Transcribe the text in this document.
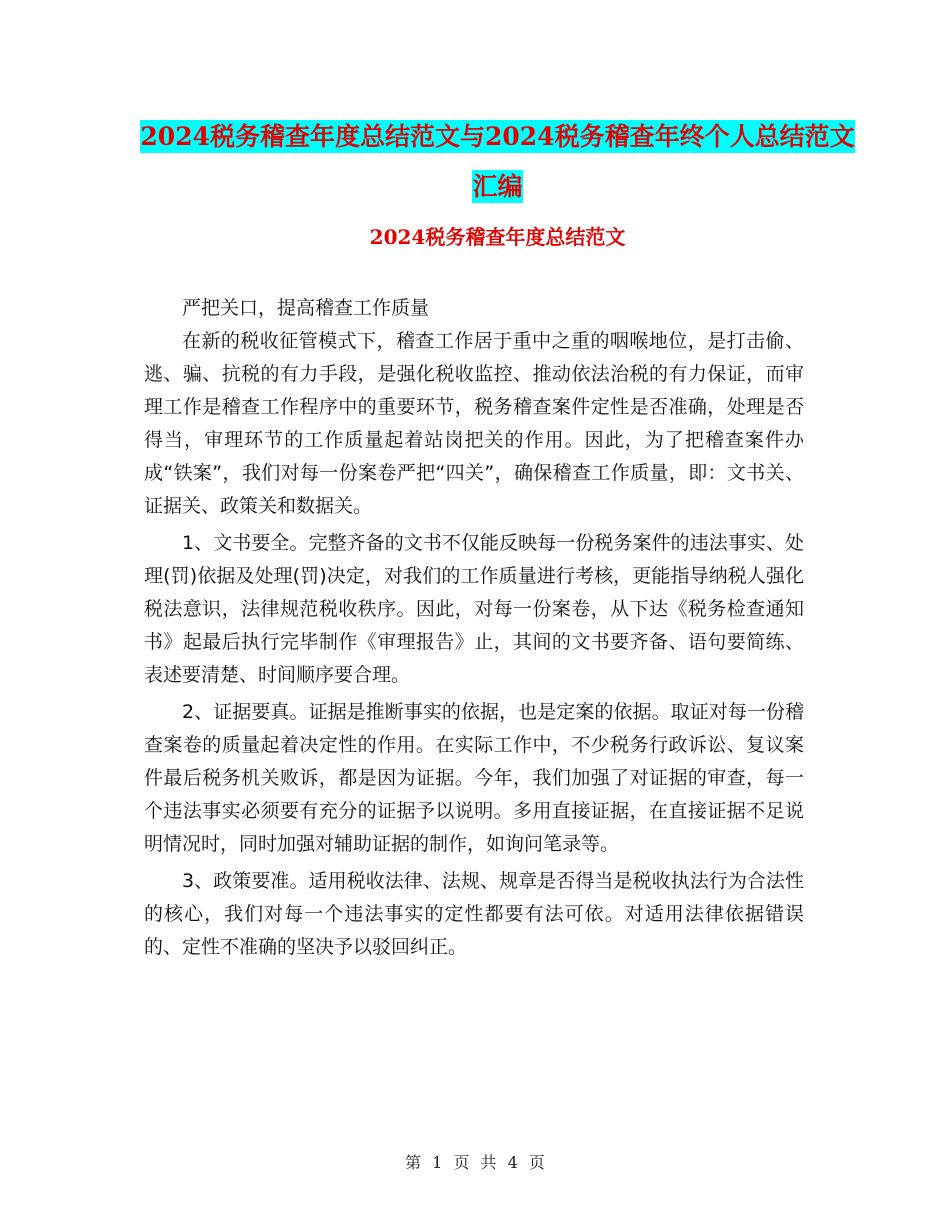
2024税务稽查年度总结范文与2024税务稽查年终个人总结范文汇编
2024税务稽查年度总结范文

严把关口，提高稽查工作质量

在新的税收征管模式下，稽查工作居于重中之重的咽喉地位，是打击偷、逃、骗、抗税的有力手段，是强化税收监控、推动依法治税的有力保证，而审理工作是稽查工作程序中的重要环节，税务稽查案件定性是否准确，处理是否得当，审理环节的工作质量起着站岗把关的作用。因此，为了把稽查案件办成“铁案”，我们对每一份案卷严把“四关”，确保稽查工作质量，即：文书关、证据关、政策关和数据关。

1、文书要全。完整齐备的文书不仅能反映每一份税务案件的违法事实、处理(罚)依据及处理(罚)决定，对我们的工作质量进行考核，更能指导纳税人强化税法意识，法律规范税收秩序。因此，对每一份案卷，从下达《税务检查通知书》起最后执行完毕制作《审理报告》止，其间的文书要齐备、语句要简练、表述要清楚、时间顺序要合理。

2、证据要真。证据是推断事实的依据，也是定案的依据。取证对每一份稽查案卷的质量起着决定性的作用。在实际工作中，不少税务行政诉讼、复议案件最后税务机关败诉，都是因为证据。今年，我们加强了对证据的审查，每一个违法事实必须要有充分的证据予以说明。多用直接证据，在直接证据不足说明情况时，同时加强对辅助证据的制作，如询问笔录等。

3、政策要准。适用税收法律、法规、规章是否得当是税收执法行为合法性的核心，我们对每一个违法事实的定性都要有法可依。对适用法律依据错误的、定性不准确的坚决予以驳回纠正。

第 1 页 共 4 页
